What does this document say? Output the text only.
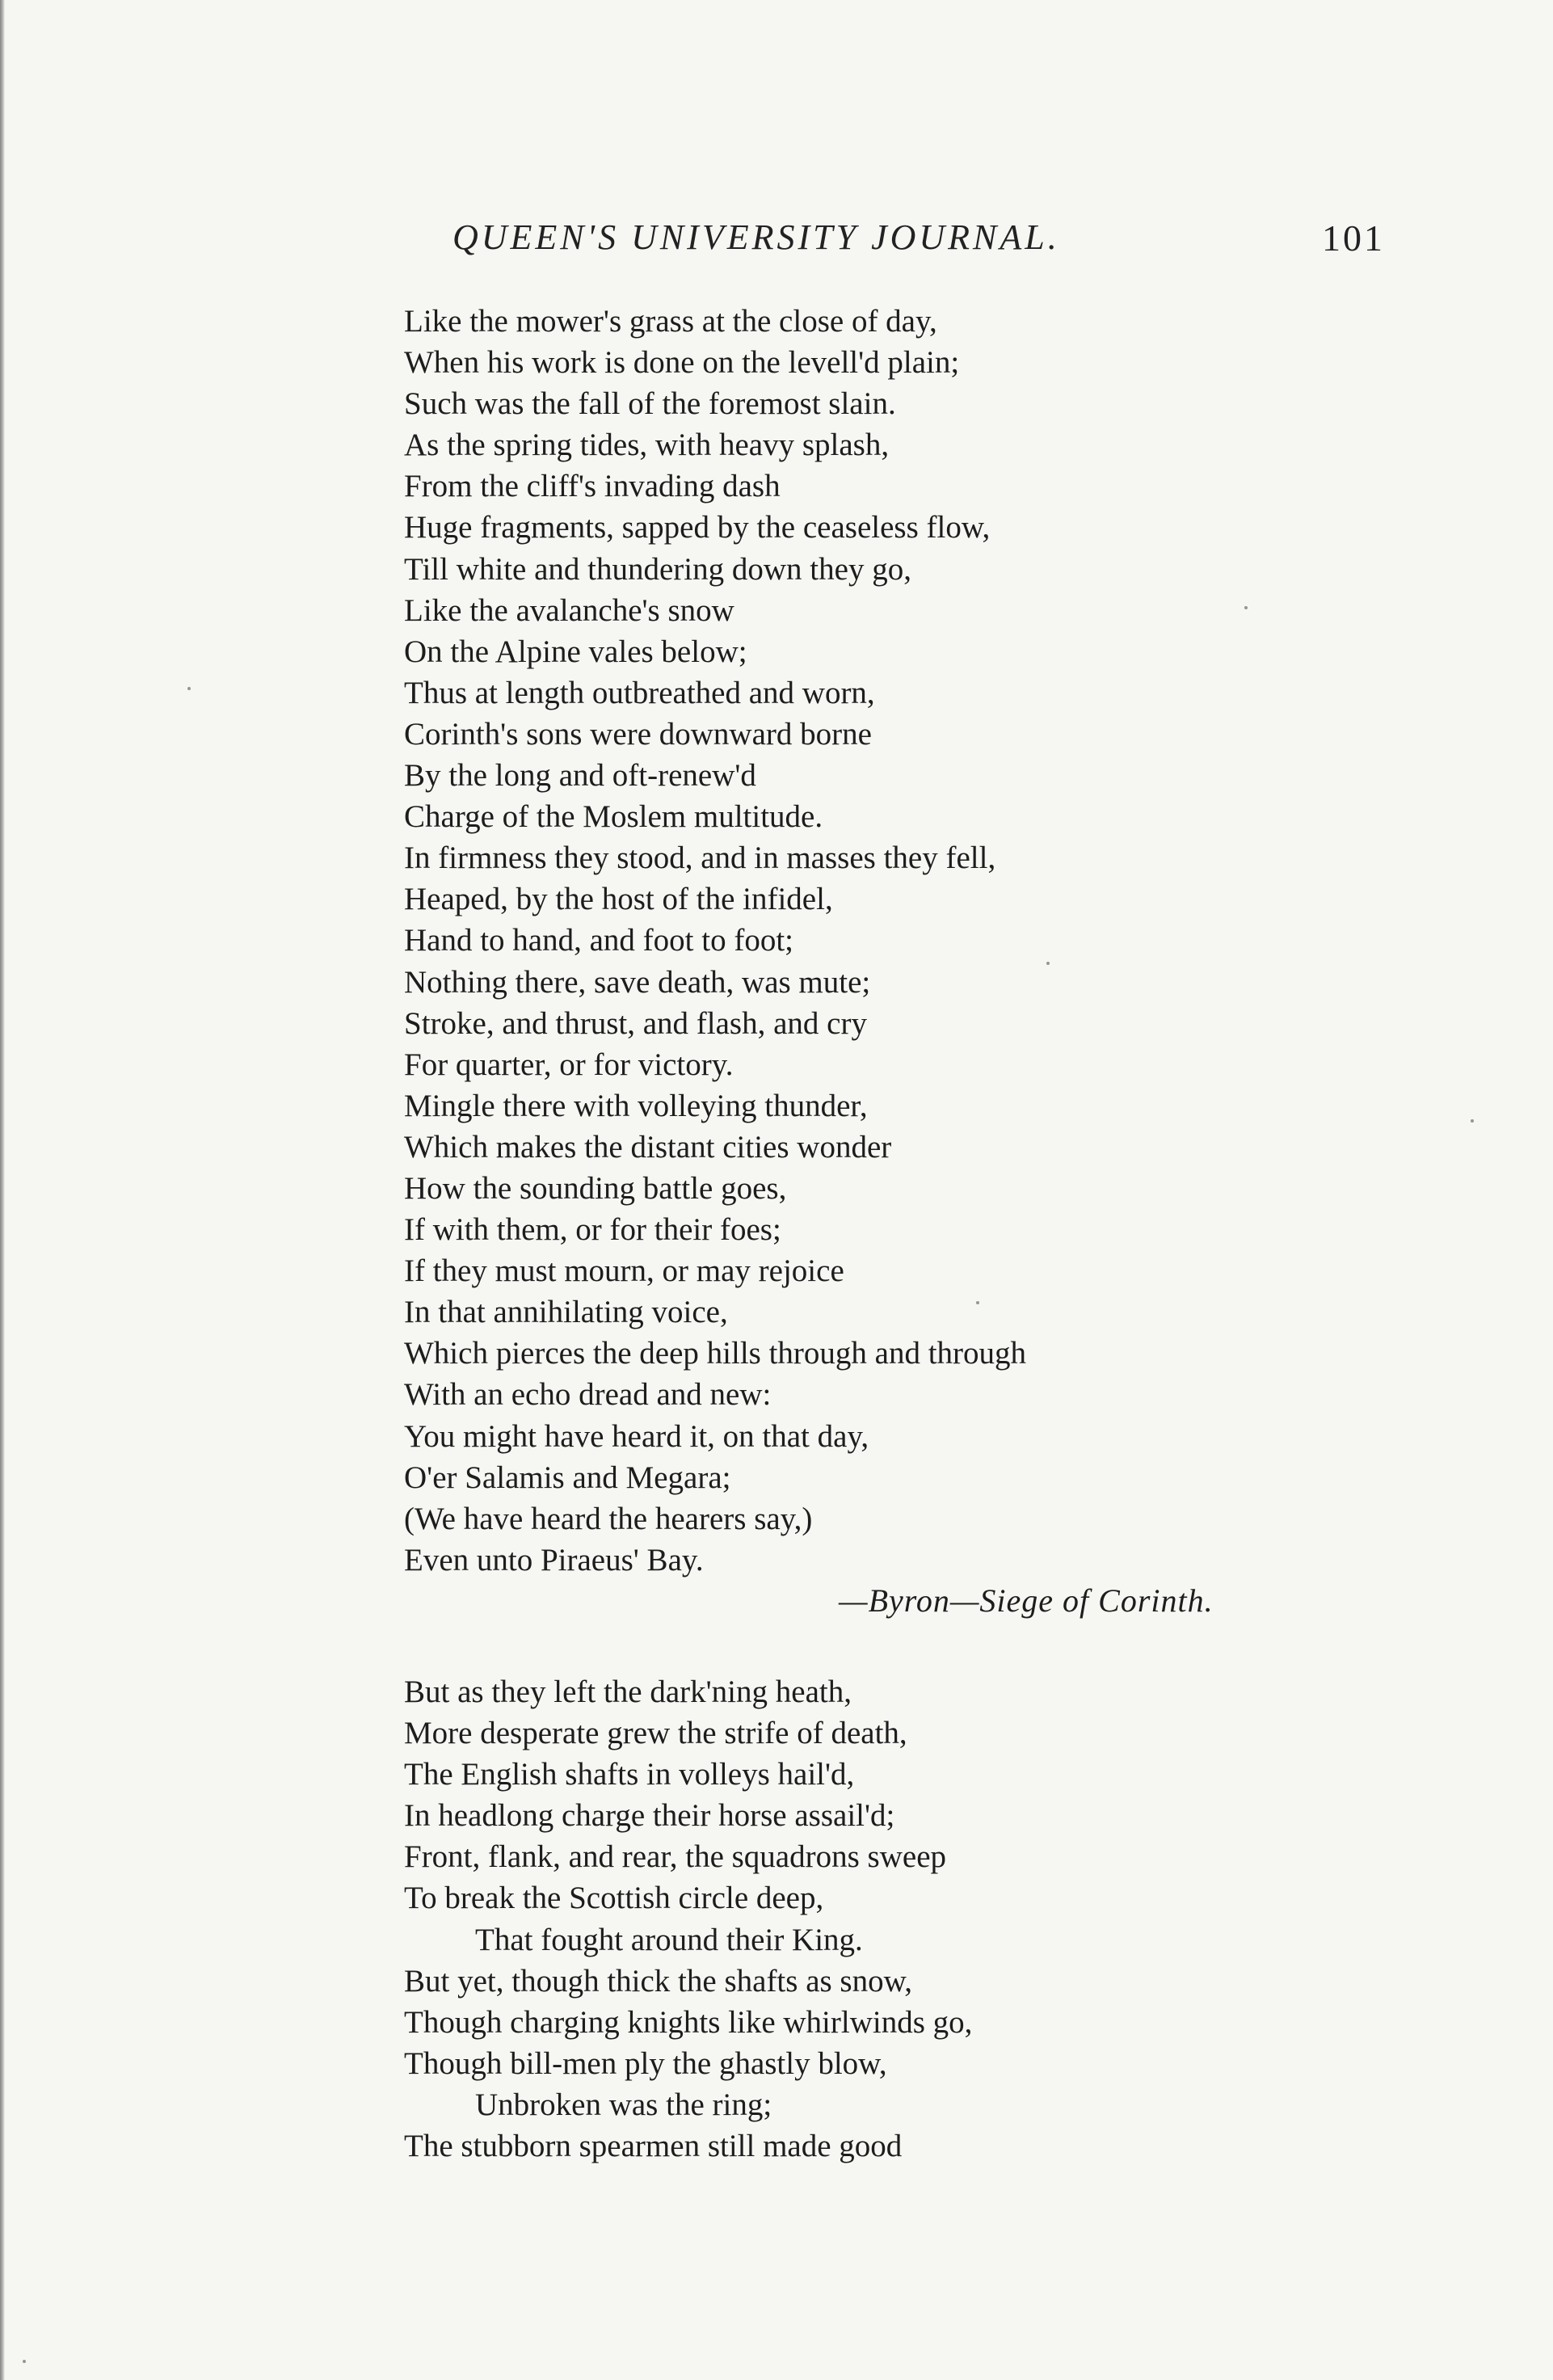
QUEEN'S UNIVERSITY JOURNAL.	101
Like the mower's grass at the close of day,
When his work is done on the levell'd plain;
Such was the fall of the foremost slain.
As the spring tides, with heavy splash,
From the cliff's invading dash
Huge fragments, sapped by the ceaseless flow,
Till white and thundering down they go,
Like the avalanche's snow
On the Alpine vales below;
Thus at length outbreathed and worn,
Corinth's sons were downward borne
By the long and oft-renew'd
Charge of the Moslem multitude.
In firmness they stood, and in masses they fell,
Heaped, by the host of the infidel,
Hand to hand, and foot to foot;
Nothing there, save death, was mute;
Stroke, and thrust, and flash, and cry
For quarter, or for victory.
Mingle there with volleying thunder,
Which makes the distant cities wonder
How the sounding battle goes,
If with them, or for their foes;
If they must mourn, or may rejoice
In that annihilating voice,
Which pierces the deep hills through and through
With an echo dread and new:
You might have heard it, on that day,
O'er Salamis and Megara;
(We have heard the hearers say,)
Even unto Piraeus' Bay.
—Byron—Siege of Corinth.
But as they left the dark'ning heath,
More desperate grew the strife of death,
The English shafts in volleys hail'd,
In headlong charge their horse assail'd;
Front, flank, and rear, the squadrons sweep
To break the Scottish circle deep,
That fought around their King.
But yet, though thick the shafts as snow,
Though charging knights like whirlwinds go,
Though bill-men ply the ghastly blow,
Unbroken was the ring;
The stubborn spearmen still made good
